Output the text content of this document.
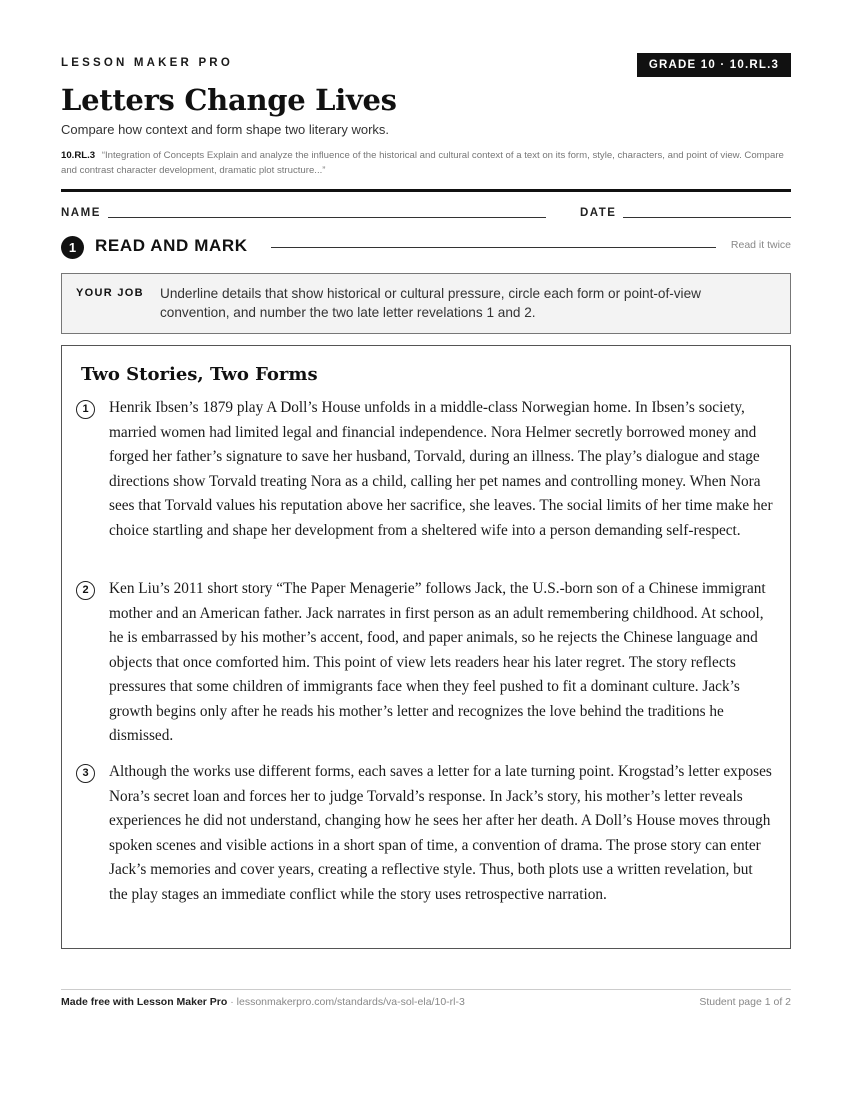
LESSON MAKER PRO	GRADE 10 · 10.RL.3
Letters Change Lives
Compare how context and form shape two literary works.
10.RL.3 “Integration of Concepts Explain and analyze the influence of the historical and cultural context of a text on its form, style, characters, and point of view. Compare and contrast character development, dramatic plot structure...”
NAME	DATE
1	READ AND MARK	Read it twice
YOUR JOB Underline details that show historical or cultural pressure, circle each form or point-of-view convention, and number the two late letter revelations 1 and 2.
Two Stories, Two Forms
1	Henrik Ibsen’s 1879 play A Doll’s House unfolds in a middle-class Norwegian home. In Ibsen’s society, married women had limited legal and financial independence. Nora Helmer secretly borrowed money and forged her father’s signature to save her husband, Torvald, during an illness. The play’s dialogue and stage directions show Torvald treating Nora as a child, calling her pet names and controlling money. When Nora sees that Torvald values his reputation above her sacrifice, she leaves. The social limits of her time make her choice startling and shape her development from a sheltered wife into a person demanding self-respect.

2	Ken Liu’s 2011 short story “The Paper Menagerie” follows Jack, the U.S.-born son of a Chinese immigrant mother and an American father. Jack narrates in first person as an adult remembering childhood. At school, he is embarrassed by his mother’s accent, food, and paper animals, so he rejects the Chinese language and objects that once comforted him. This point of view lets readers hear his later regret. The story reflects pressures that some children of immigrants face when they feel pushed to fit a dominant culture. Jack’s growth begins only after he reads his mother’s letter and recognizes the love behind the traditions he dismissed.

3	Although the works use different forms, each saves a letter for a late turning point. Krogstad’s letter exposes Nora’s secret loan and forces her to judge Torvald’s response. In Jack’s story, his mother’s letter reveals experiences he did not understand, changing how he sees her after her death. A Doll’s House moves through spoken scenes and visible actions in a short span of time, a convention of drama. The prose story can enter Jack’s memories and cover years, creating a reflective style. Thus, both plots use a written revelation, but the play stages an immediate conflict while the story uses retrospective narration.

Made free with Lesson Maker Pro · lessonmakerpro.com/standards/va-sol-ela/10-rl-3	Student page 1 of 2
